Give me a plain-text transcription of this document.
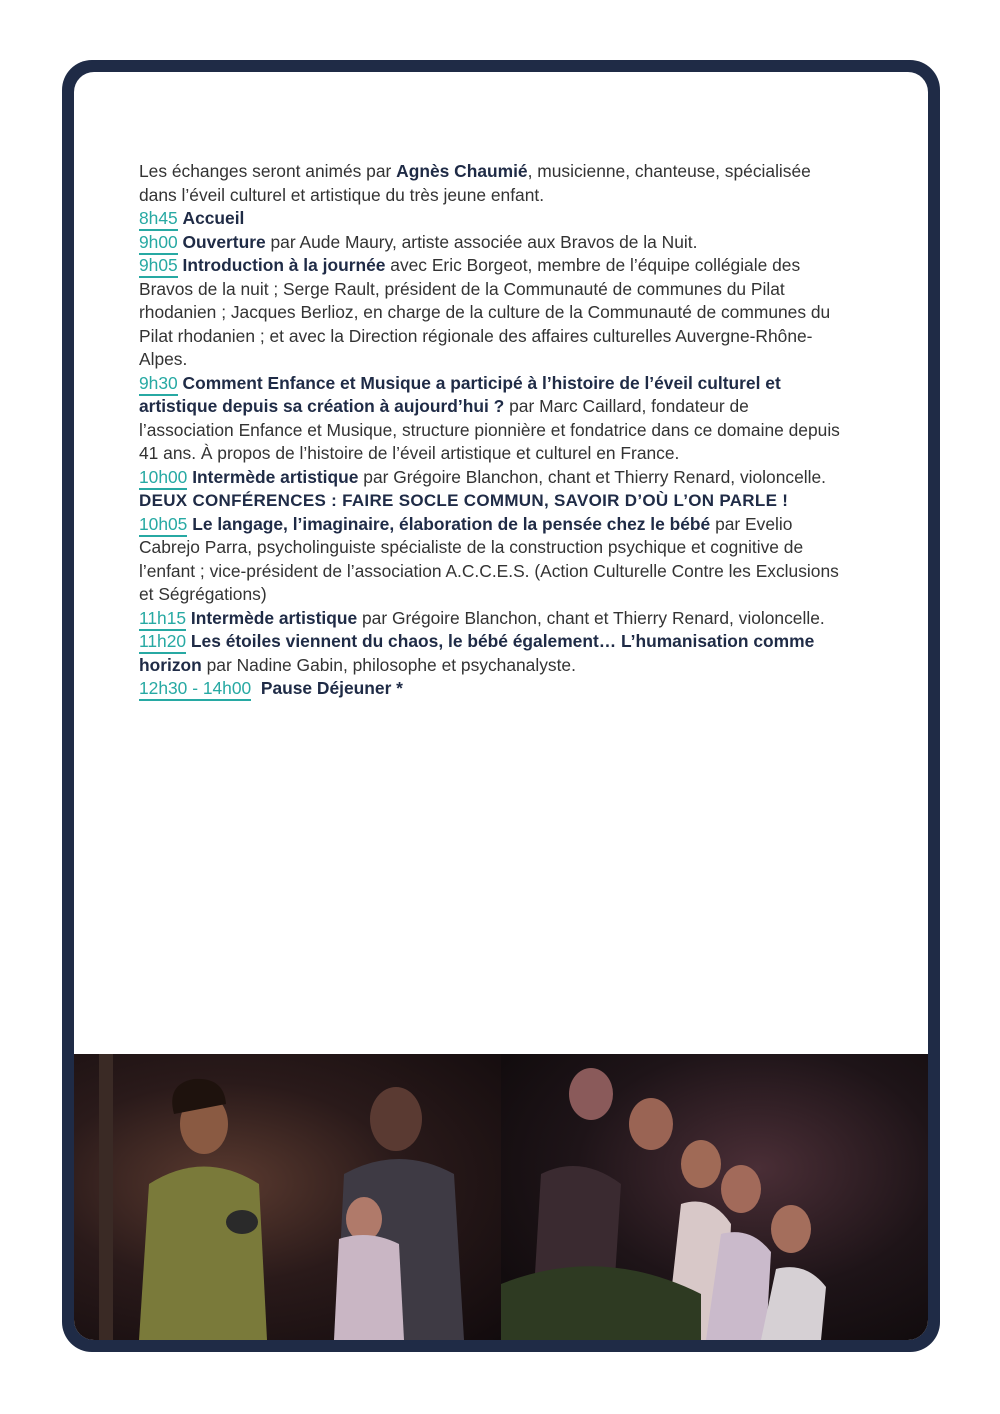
Les échanges seront animés par Agnès Chaumié, musicienne, chanteuse, spécialisée dans l’éveil culturel et artistique du très jeune enfant.

8h45 Accueil

9h00 Ouverture par Aude Maury, artiste associée aux Bravos de la Nuit.

9h05 Introduction à la journée avec Eric Borgeot, membre de l’équipe collégiale des Bravos de la nuit ; Serge Rault, président de la Communauté de communes du Pilat rhodanien ; Jacques Berlioz, en charge de la culture de la Communauté de communes du Pilat rhodanien ; et avec la Direction régionale des affaires culturelles Auvergne-Rhône-Alpes.

9h30 Comment Enfance et Musique a participé à l’histoire de l’éveil culturel et artistique depuis sa création à aujourd’hui ? par Marc Caillard, fondateur de l’association Enfance et Musique, structure pionnière et fondatrice dans ce domaine depuis 41 ans. À propos de l’histoire de l’éveil artistique et culturel en France.

10h00 Intermède artistique par Grégoire Blanchon, chant et Thierry Renard, violoncelle.

DEUX CONFÉRENCES : FAIRE SOCLE COMMUN, SAVOIR D’OÙ L’ON PARLE !

10h05 Le langage, l’imaginaire, élaboration de la pensée chez le bébé par Evelio Cabrejo Parra, psycholinguiste spécialiste de la construction psychique et cognitive de l’enfant ; vice-président de l’association A.C.C.E.S. (Action Culturelle Contre les Exclusions et Ségrégations)

11h15 Intermède artistique par Grégoire Blanchon, chant et Thierry Renard, violoncelle.

11h20 Les étoiles viennent du chaos, le bébé également… L’humanisation comme horizon par Nadine Gabin, philosophe et psychanalyste.

12h30 - 14h00 Pause Déjeuner *
